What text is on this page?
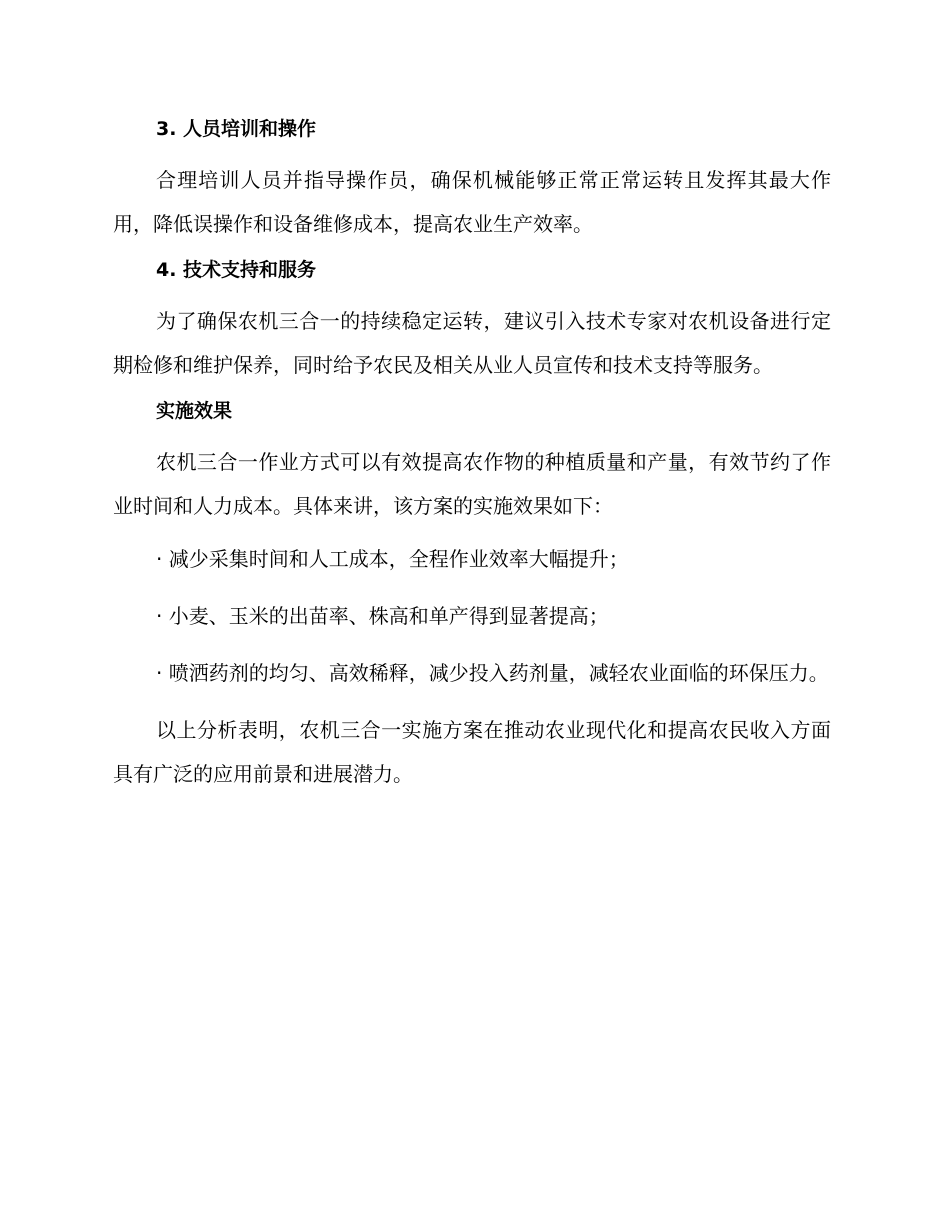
3. 人员培训和操作

合理培训人员并指导操作员，确保机械能够正常正常运转且发挥其最大作用，降低误操作和设备维修成本，提高农业生产效率。

4. 技术支持和服务

为了确保农机三合一的持续稳定运转，建议引入技术专家对农机设备进行定期检修和维护保养，同时给予农民及相关从业人员宣传和技术支持等服务。

实施效果

农机三合一作业方式可以有效提高农作物的种植质量和产量，有效节约了作业时间和人力成本。具体来讲，该方案的实施效果如下：

· 减少采集时间和人工成本，全程作业效率大幅提升；

· 小麦、玉米的出苗率、株高和单产得到显著提高；

· 喷洒药剂的均匀、高效稀释，减少投入药剂量，减轻农业面临的环保压力。

以上分析表明，农机三合一实施方案在推动农业现代化和提高农民收入方面具有广泛的应用前景和进展潜力。
